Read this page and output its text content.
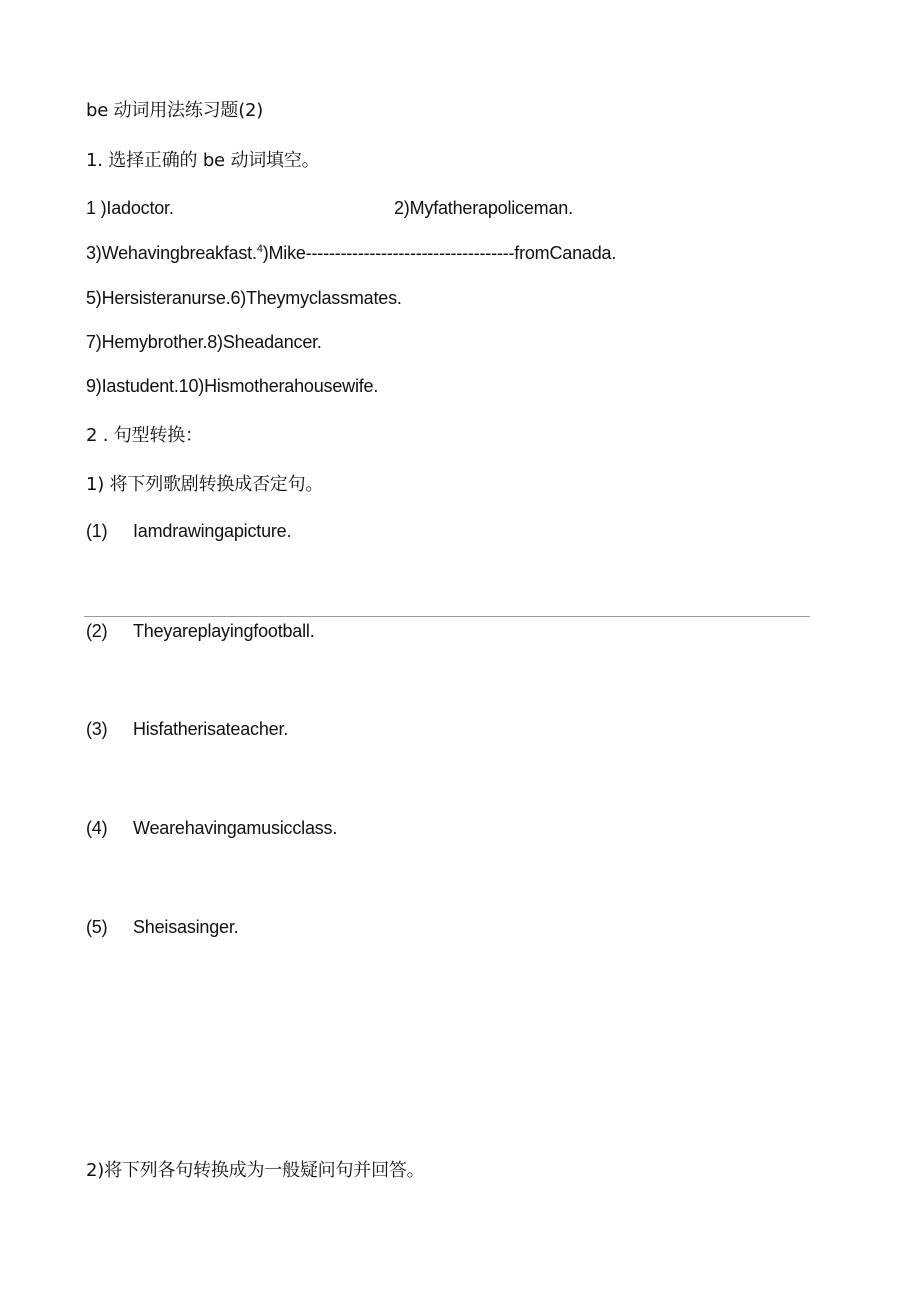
be 动词用法练习题(2)
1. 选择正确的 be 动词填空。
1 )Iadoctor.	2)Myfatherapoliceman.
3)Wehavingbreakfast.$^4$)Mike------------------------------------fromCanada.
5)Hersisteranurse.6)Theymyclassmates.
7)Hemybrother.8)Sheadancer.
9)Iastudent.10)Hismotherahousewife.
2 . 句型转换：
1) 将下列歌剧转换成否定句。
(1) Iamdrawingapicture.
(2) Theyareplayingfootball.
(3) Hisfatherisateacher.
(4) Wearehavingamusicclass.
(5) Sheisasinger.
2)将下列各句转换成为一般疑问句并回答。
